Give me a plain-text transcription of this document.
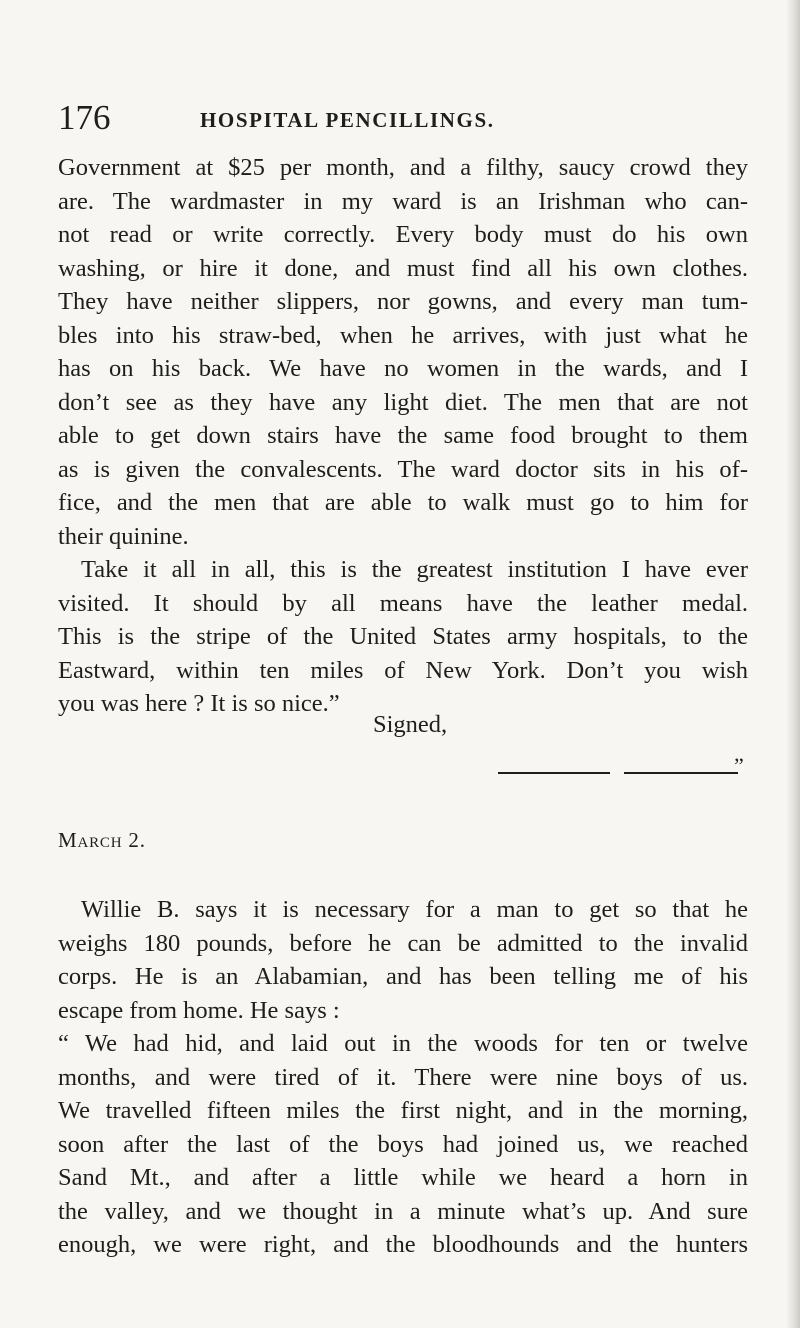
176	HOSPITAL PENCILLINGS.
Government at $25 per month, and a filthy, saucy crowd they
are. The wardmaster in my ward is an Irishman who can-
not read or write correctly. Every body must do his own
washing, or hire it done, and must find all his own clothes.
They have neither slippers, nor gowns, and every man tum-
bles into his straw-bed, when he arrives, with just what he
has on his back. We have no women in the wards, and I
don’t see as they have any light diet. The men that are not
able to get down stairs have the same food brought to them
as is given the convalescents. The ward doctor sits in his of-
fice, and the men that are able to walk must go to him for
their quinine.
Take it all in all, this is the greatest institution I have ever
visited. It should by all means have the leather medal.
This is the stripe of the United States army hospitals, to the
Eastward, within ten miles of New York. Don’t you wish
you was here ? It is so nice.”
Signed,
”
March 2.
Willie B. says it is necessary for a man to get so that he
weighs 180 pounds, before he can be admitted to the invalid
corps. He is an Alabamian, and has been telling me of his
escape from home. He says :
“ We had hid, and laid out in the woods for ten or twelve
months, and were tired of it. There were nine boys of us.
We travelled fifteen miles the first night, and in the morning,
soon after the last of the boys had joined us, we reached
Sand Mt., and after a little while we heard a horn in
the valley, and we thought in a minute what’s up. And sure
enough, we were right, and the bloodhounds and the hunters
